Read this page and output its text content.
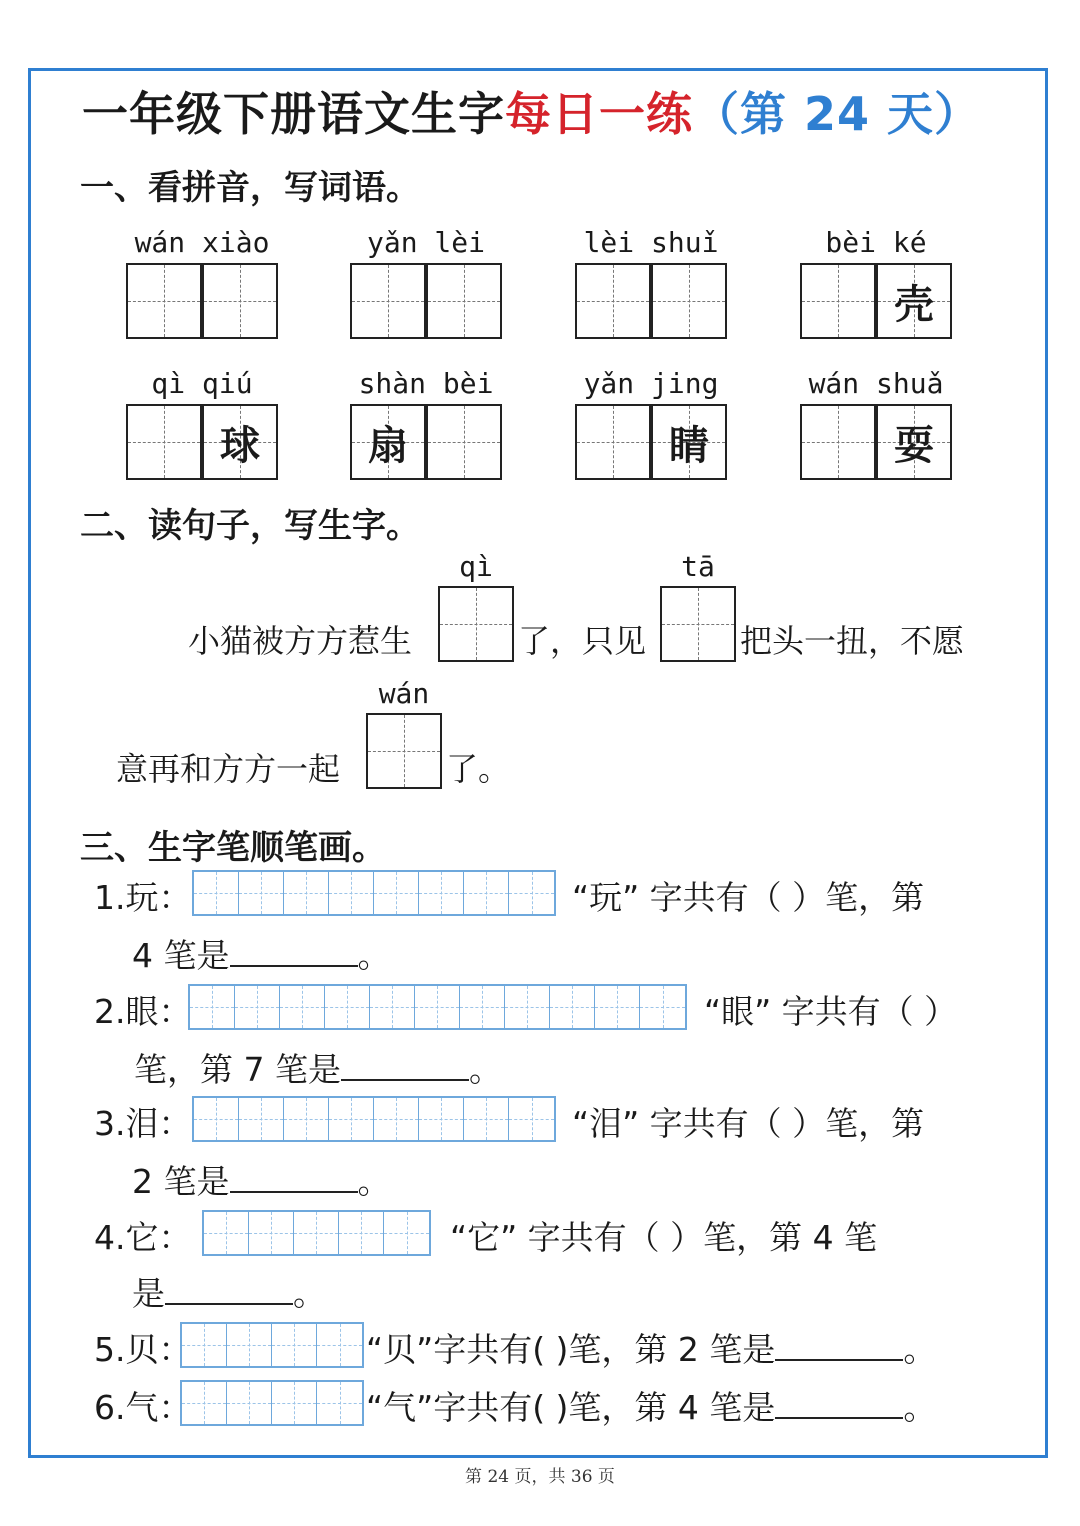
一年级下册语文生字每日一练（第 24 天）
一、看拼音，写词语。
wán xiào	yǎn lèi	lèi shuǐ	bèi ké
壳
qì qiú
球
shàn bèi
扇
yǎn jing
睛
wán shuǎ
耍
二、读句子，写生字。
qì	tā
wán
小猫被方方惹生	了，只见	把头一扭，不愿
意再和方方一起	了。
三、生字笔顺笔画。
1.玩：	“玩” 字共有（ ）笔，第
4 笔是	。
2.眼：	“眼” 字共有（ ）
笔，第 7 笔是	。
3.泪：	“泪” 字共有（ ）笔，第
2 笔是	。
4.它：	“它” 字共有（ ）笔，第 4 笔
是	。
5.贝：	“贝”字共有( )笔，第 2 笔是	。
6.气：	“气”字共有( )笔，第 4 笔是	。
第 24 页，共 36 页
